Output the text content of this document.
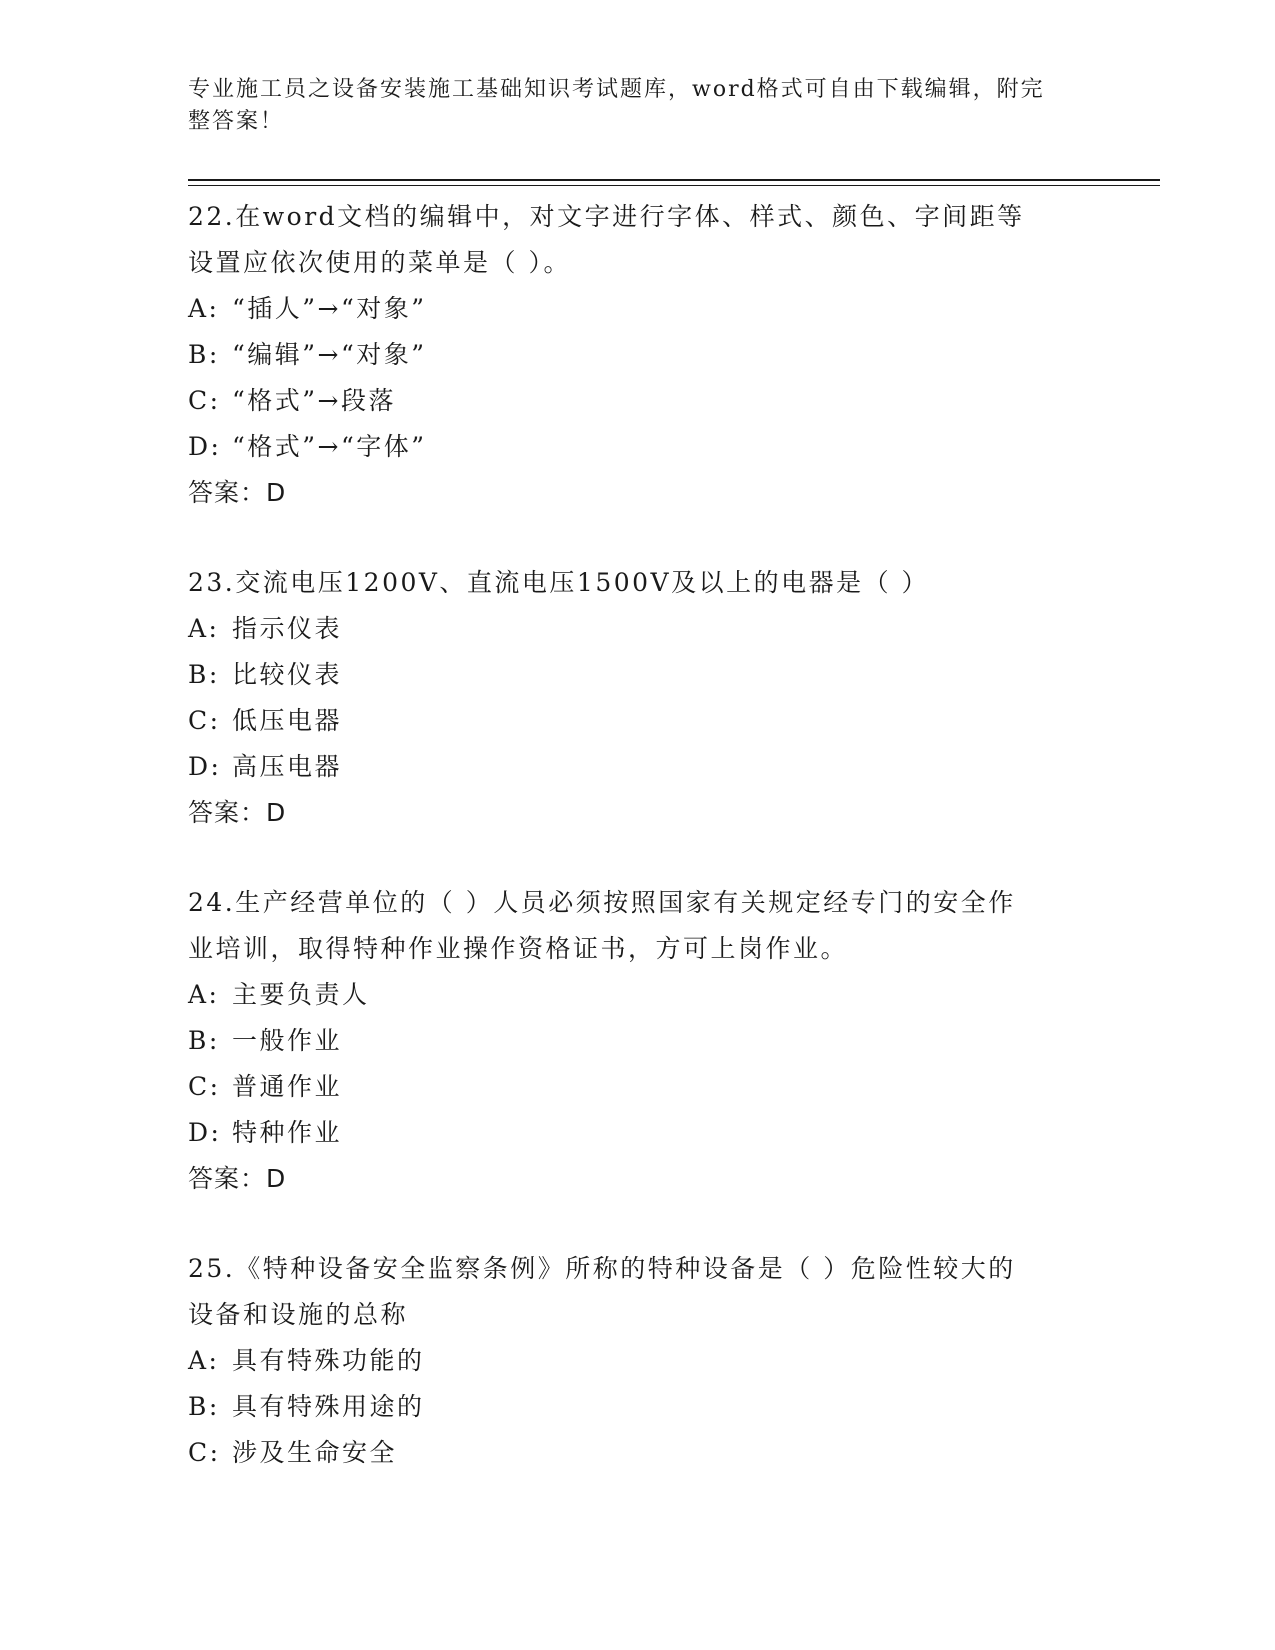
专业施工员之设备安装施工基础知识考试题库，word格式可自由下载编辑，附完
整答案！
22.在word文档的编辑中，对文字进行字体、样式、颜色、字间距等
设置应依次使用的菜单是（ ）。
A: “插人”→“对象”
B: “编辑”→“对象”
C: “格式”→段落
D: “格式”→“字体”
答案：D
23.交流电压1200V、直流电压1500V及以上的电器是（ ）
A: 指示仪表
B: 比较仪表
C: 低压电器
D: 高压电器
答案：D
24.生产经营单位的（ ）人员必须按照国家有关规定经专门的安全作
业培训，取得特种作业操作资格证书，方可上岗作业。
A: 主要负责人
B: 一般作业
C: 普通作业
D: 特种作业
答案：D
25.《特种设备安全监察条例》所称的特种设备是（ ）危险性较大的
设备和设施的总称
A: 具有特殊功能的
B: 具有特殊用途的
C: 涉及生命安全
